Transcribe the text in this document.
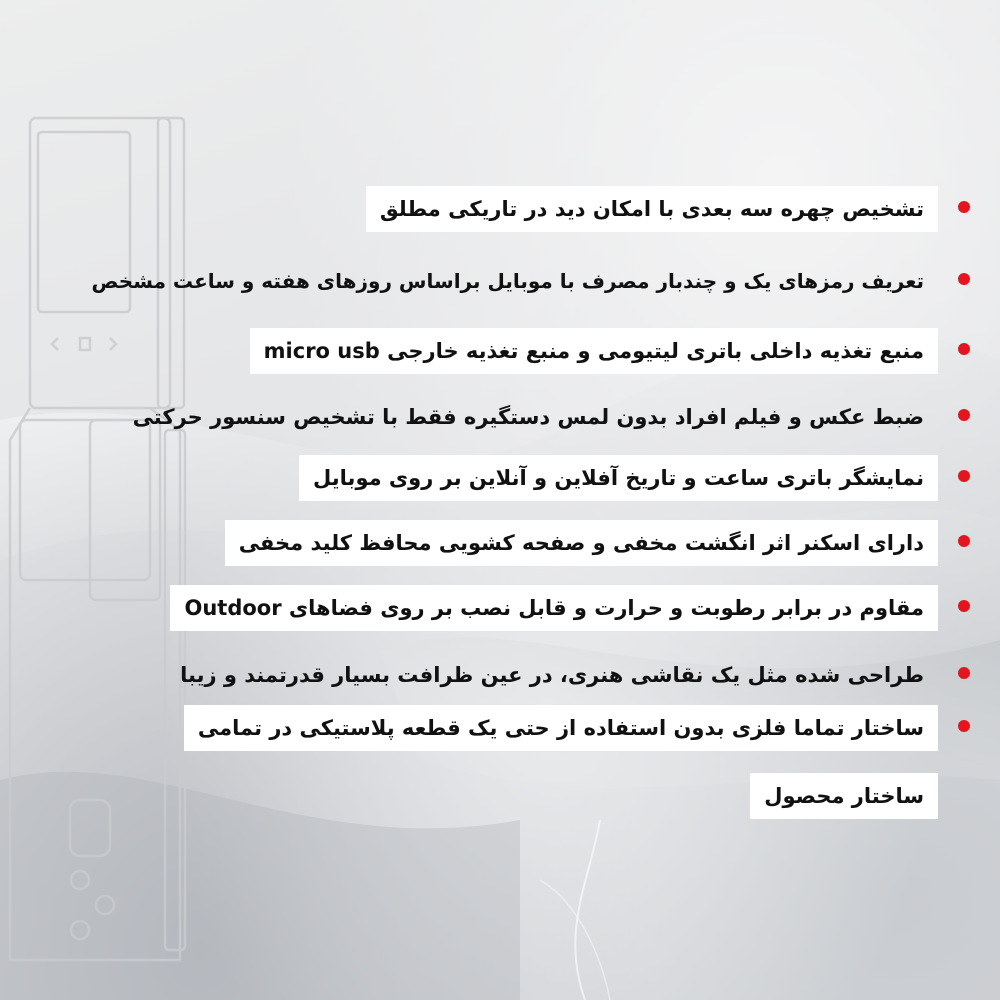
تشخیص چهره سه بعدی با امکان دید در تاریکی مطلق
تعریف رمزهای یک و چندبار مصرف با موبایل براساس روزهای هفته و ساعت مشخص
منبع تغذیه داخلی باتری لیتیومی و منبع تغذیه خارجی micro usb
ضبط عکس و فیلم افراد بدون لمس دستگیره فقط با تشخیص سنسور حرکتی
نمایشگر باتری ساعت و تاریخ آفلاین و آنلاین بر روی موبایل
دارای اسکنر اثر انگشت مخفی و صفحه کشویی محافظ کلید مخفی
مقاوم در برابر رطوبت و حرارت و قابل نصب بر روی فضاهای Outdoor
طراحی شده مثل یک نقاشی هنری، در عین ظرافت بسیار قدرتمند و زیبا
ساختار تماما فلزی بدون استفاده از حتی یک قطعه پلاستیکی در تمامی
ساختار محصول
